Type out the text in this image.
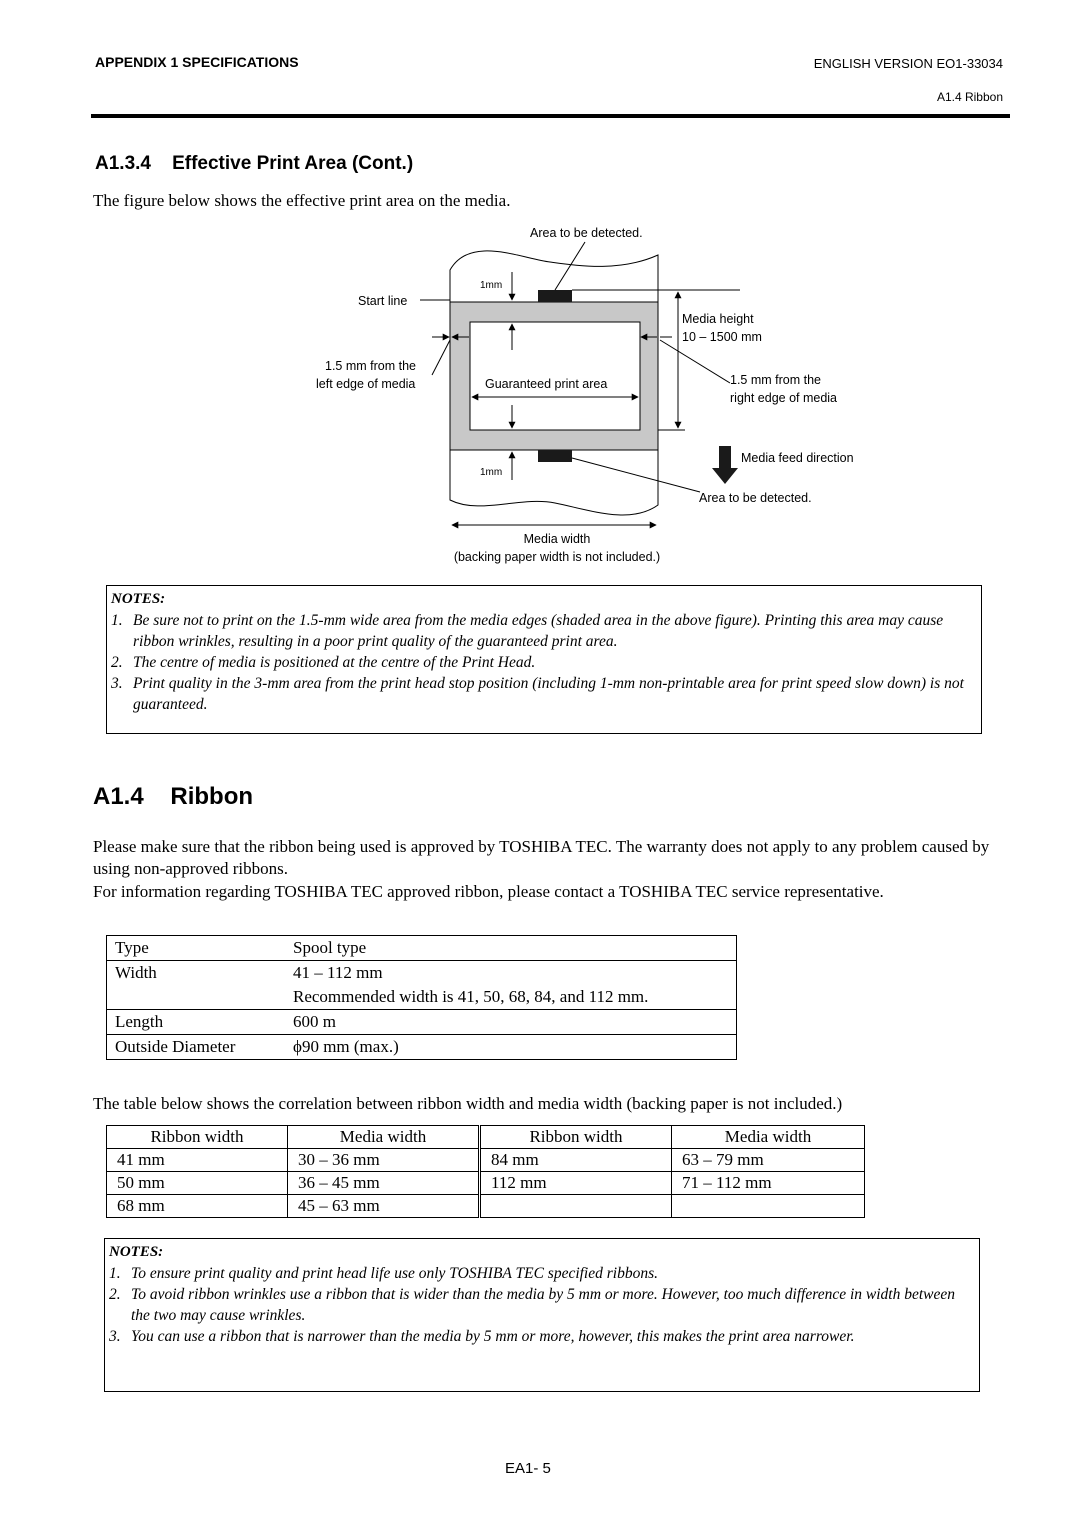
APPENDIX 1 SPECIFICATIONS	ENGLISH VERSION EO1-33034
A1.4 Ribbon
A1.3.4    Effective Print Area (Cont.)
The figure below shows the effective print area on the media.
Area to be detected.
1mm
Start line
Media height
10 – 1500 mm
1.5 mm from the
left edge of media	Guaranteed print area	1.5 mm from the
right edge of media
Media feed direction
1mm
Area to be detected.
Media width
(backing paper width is not included.)
NOTES:
1. Be sure not to print on the 1.5-mm wide area from the media edges (shaded area in the above figure). Printing this area may cause ribbon wrinkles, resulting in a poor print quality of the guaranteed print area.
2. The centre of media is positioned at the centre of the Print Head.
3. Print quality in the 3-mm area from the print head stop position (including 1-mm non-printable area for print speed slow down) is not guaranteed.
A1.4    Ribbon
Please make sure that the ribbon being used is approved by TOSHIBA TEC. The warranty does not apply to any problem caused by using non-approved ribbons.
For information regarding TOSHIBA TEC approved ribbon, please contact a TOSHIBA TEC service representative.
Type	Spool type
Width	41 – 112 mm
	Recommended width is 41, 50, 68, 84, and 112 mm.
Length	600 m
Outside Diameter	ϕ90 mm (max.)
The table below shows the correlation between ribbon width and media width (backing paper is not included.)
Ribbon width	Media width	Ribbon width	Media width
41 mm	30 – 36 mm	84 mm	63 – 79 mm
50 mm	36 – 45 mm	112 mm	71 – 112 mm
68 mm	45 – 63 mm		
NOTES:
1. To ensure print quality and print head life use only TOSHIBA TEC specified ribbons.
2. To avoid ribbon wrinkles use a ribbon that is wider than the media by 5 mm or more. However, too much difference in width between the two may cause wrinkles.
3. You can use a ribbon that is narrower than the media by 5 mm or more, however, this makes the print area narrower.
EA1- 5
